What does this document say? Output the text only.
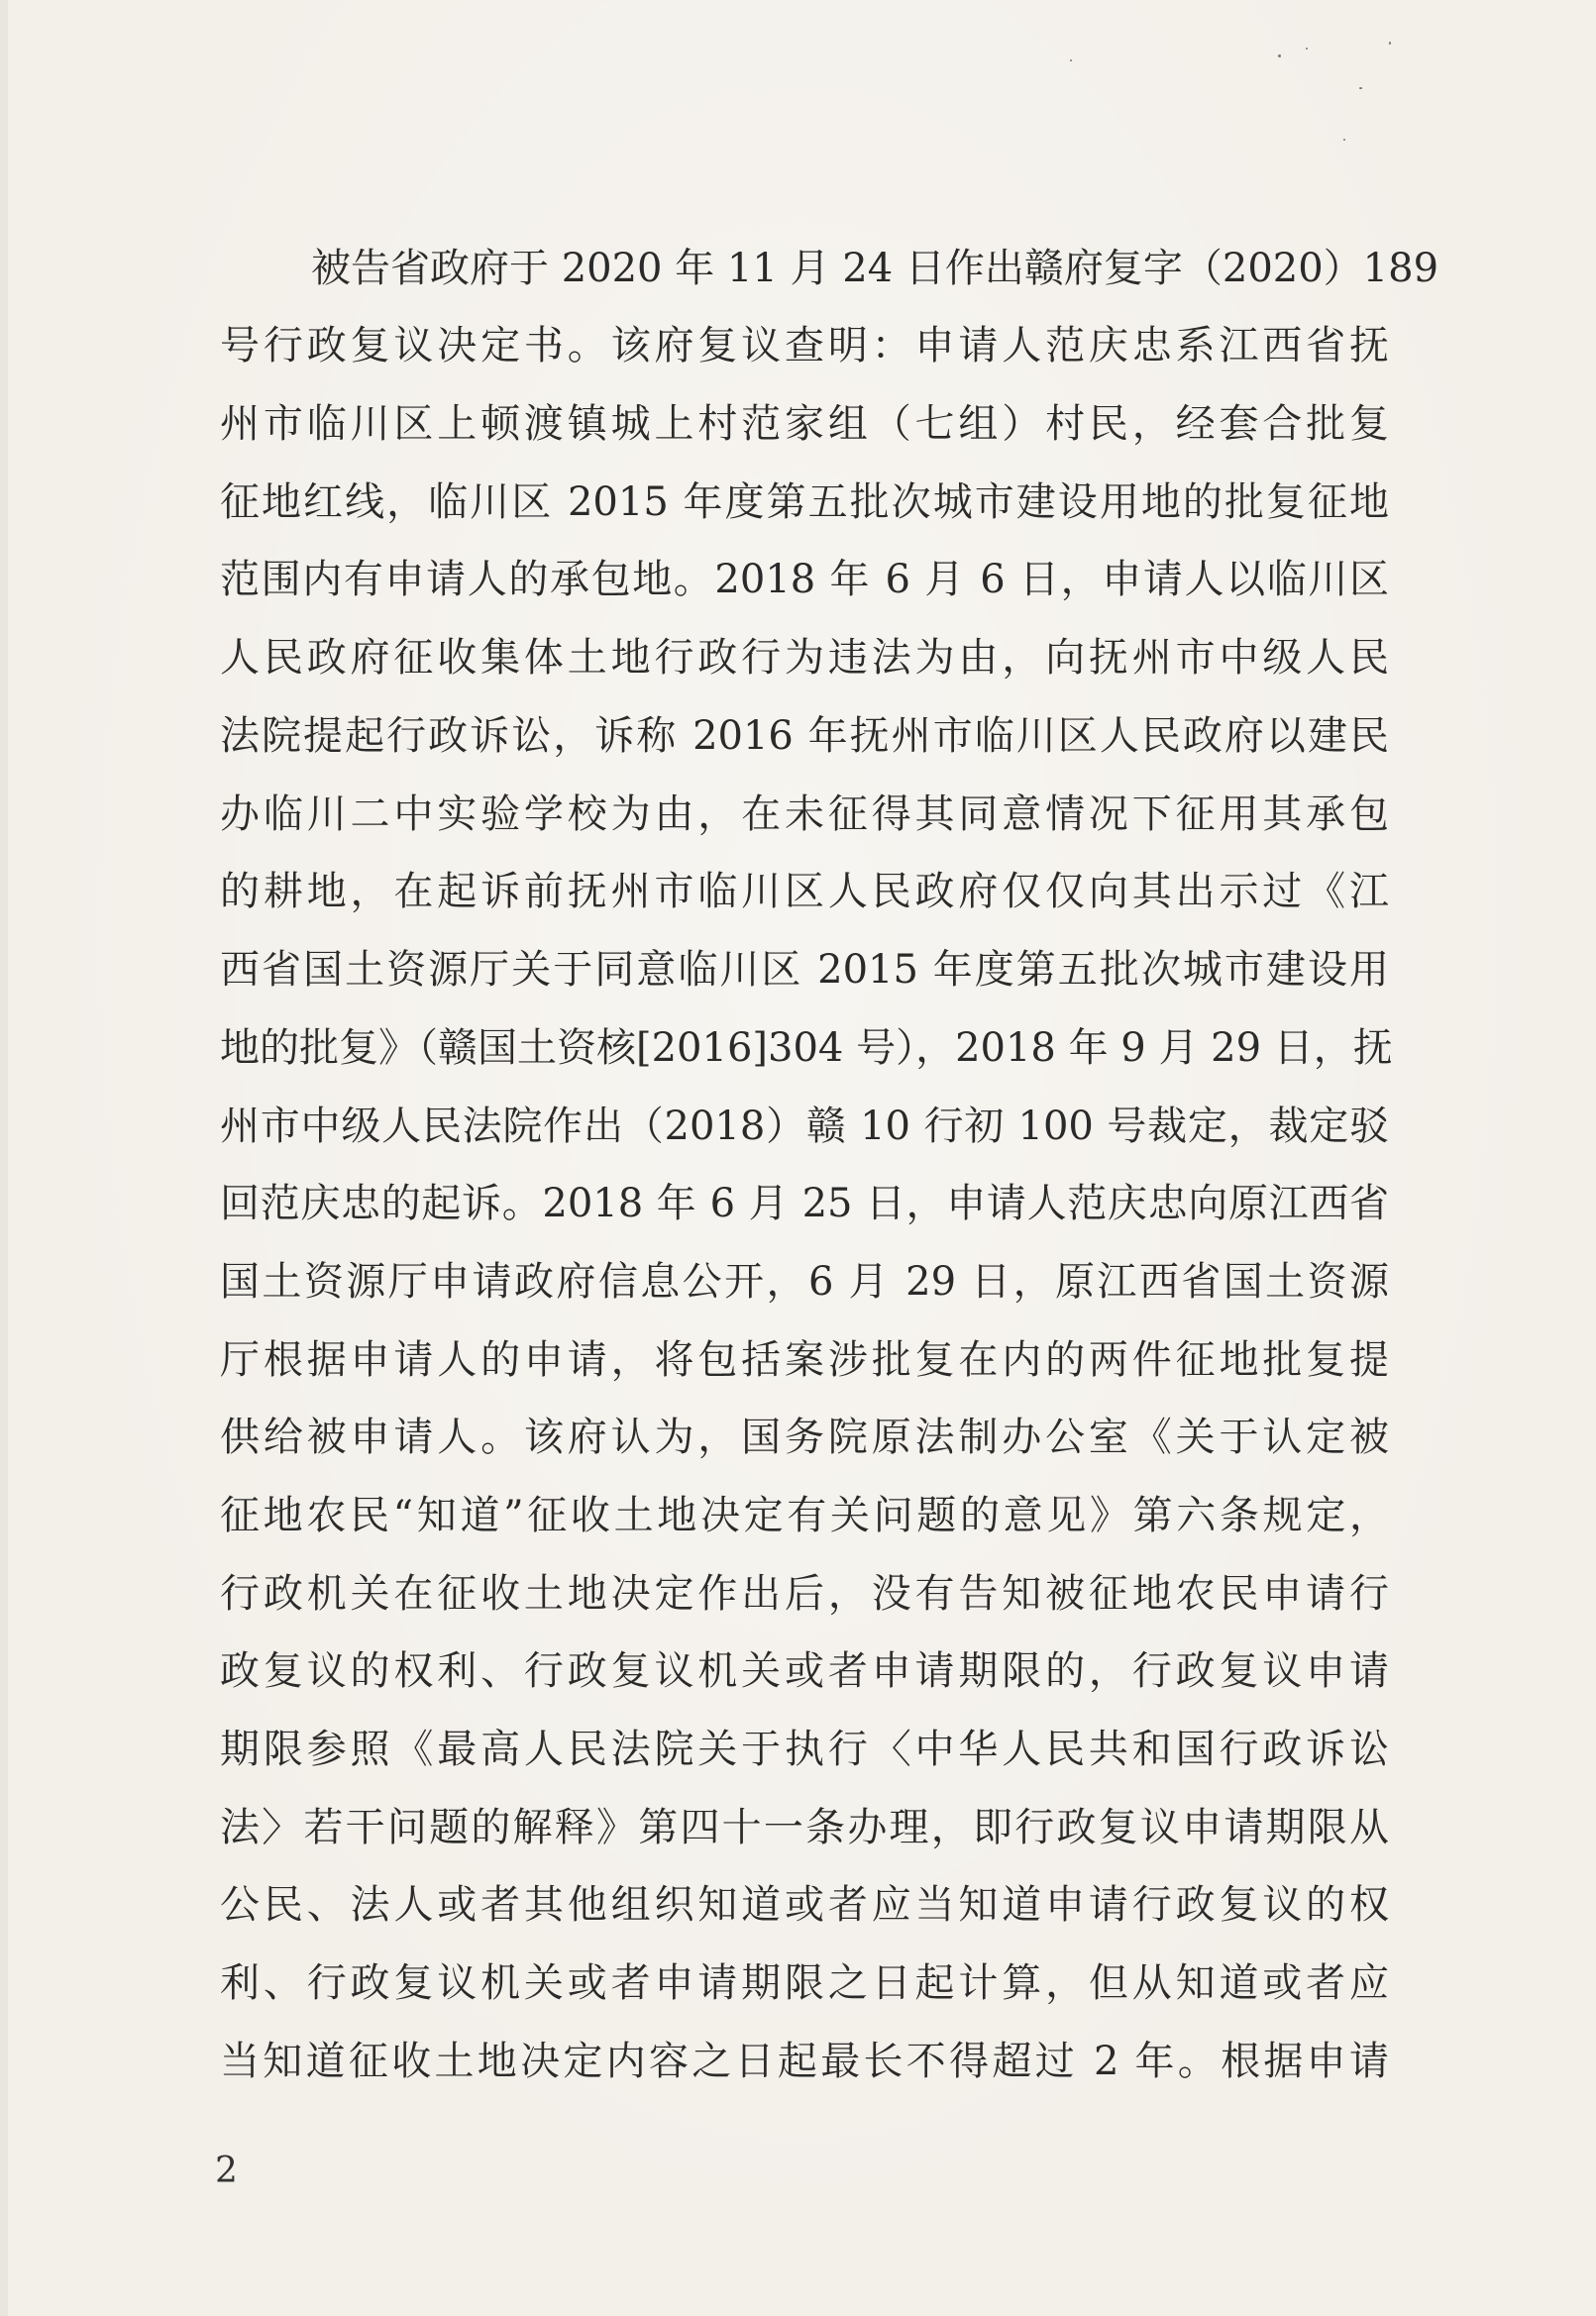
被告省政府于 2020 年 11 月 24 日作出赣府复字（2020）189
号行政复议决定书。该府复议查明：申请人范庆忠系江西省抚
州市临川区上顿渡镇城上村范家组（七组）村民，经套合批复
征地红线，临川区 2015 年度第五批次城市建设用地的批复征地
范围内有申请人的承包地。2018 年 6 月 6 日，申请人以临川区
人民政府征收集体土地行政行为违法为由，向抚州市中级人民
法院提起行政诉讼，诉称 2016 年抚州市临川区人民政府以建民
办临川二中实验学校为由，在未征得其同意情况下征用其承包
的耕地，在起诉前抚州市临川区人民政府仅仅向其出示过《江
西省国土资源厅关于同意临川区 2015 年度第五批次城市建设用
地的批复》（赣国土资核[2016]304 号），2018 年 9 月 29 日，抚
州市中级人民法院作出（2018）赣 10 行初 100 号裁定，裁定驳
回范庆忠的起诉。2018 年 6 月 25 日，申请人范庆忠向原江西省
国土资源厅申请政府信息公开，6 月 29 日，原江西省国土资源
厅根据申请人的申请，将包括案涉批复在内的两件征地批复提
供给被申请人。该府认为，国务院原法制办公室《关于认定被
征地农民“知道”征收土地决定有关问题的意见》第六条规定，
行政机关在征收土地决定作出后，没有告知被征地农民申请行
政复议的权利、行政复议机关或者申请期限的，行政复议申请
期限参照《最高人民法院关于执行〈中华人民共和国行政诉讼
法〉若干问题的解释》第四十一条办理，即行政复议申请期限从
公民、法人或者其他组织知道或者应当知道申请行政复议的权
利、行政复议机关或者申请期限之日起计算，但从知道或者应
当知道征收土地决定内容之日起最长不得超过 2 年。根据申请
2
